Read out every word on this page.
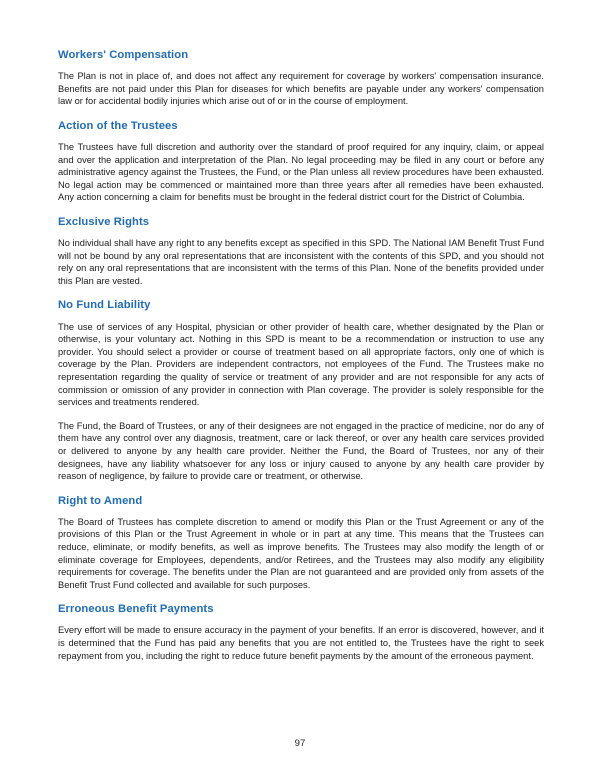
Workers' Compensation

The Plan is not in place of, and does not affect any requirement for coverage by workers' compensation insurance. Benefits are not paid under this Plan for diseases for which benefits are payable under any workers' compensation law or for accidental bodily injuries which arise out of or in the course of employment.

Action of the Trustees

The Trustees have full discretion and authority over the standard of proof required for any inquiry, claim, or appeal and over the application and interpretation of the Plan. No legal proceeding may be filed in any court or before any administrative agency against the Trustees, the Fund, or the Plan unless all review procedures have been exhausted. No legal action may be commenced or maintained more than three years after all remedies have been exhausted. Any action concerning a claim for benefits must be brought in the federal district court for the District of Columbia.

Exclusive Rights

No individual shall have any right to any benefits except as specified in this SPD. The National IAM Benefit Trust Fund will not be bound by any oral representations that are inconsistent with the contents of this SPD, and you should not rely on any oral representations that are inconsistent with the terms of this Plan. None of the benefits provided under this Plan are vested.

No Fund Liability

The use of services of any Hospital, physician or other provider of health care, whether designated by the Plan or otherwise, is your voluntary act. Nothing in this SPD is meant to be a recommendation or instruction to use any provider. You should select a provider or course of treatment based on all appropriate factors, only one of which is coverage by the Plan. Providers are independent contractors, not employees of the Fund. The Trustees make no representation regarding the quality of service or treatment of any provider and are not responsible for any acts of commission or omission of any provider in connection with Plan coverage. The provider is solely responsible for the services and treatments rendered.

The Fund, the Board of Trustees, or any of their designees are not engaged in the practice of medicine, nor do any of them have any control over any diagnosis, treatment, care or lack thereof, or over any health care services provided or delivered to anyone by any health care provider. Neither the Fund, the Board of Trustees, nor any of their designees, have any liability whatsoever for any loss or injury caused to anyone by any health care provider by reason of negligence, by failure to provide care or treatment, or otherwise.

Right to Amend

The Board of Trustees has complete discretion to amend or modify this Plan or the Trust Agreement or any of the provisions of this Plan or the Trust Agreement in whole or in part at any time. This means that the Trustees can reduce, eliminate, or modify benefits, as well as improve benefits. The Trustees may also modify the length of or eliminate coverage for Employees, dependents, and/or Retirees, and the Trustees may also modify any eligibility requirements for coverage. The benefits under the Plan are not guaranteed and are provided only from assets of the Benefit Trust Fund collected and available for such purposes.

Erroneous Benefit Payments

Every effort will be made to ensure accuracy in the payment of your benefits. If an error is discovered, however, and it is determined that the Fund has paid any benefits that you are not entitled to, the Trustees have the right to seek repayment from you, including the right to reduce future benefit payments by the amount of the erroneous payment.

97
